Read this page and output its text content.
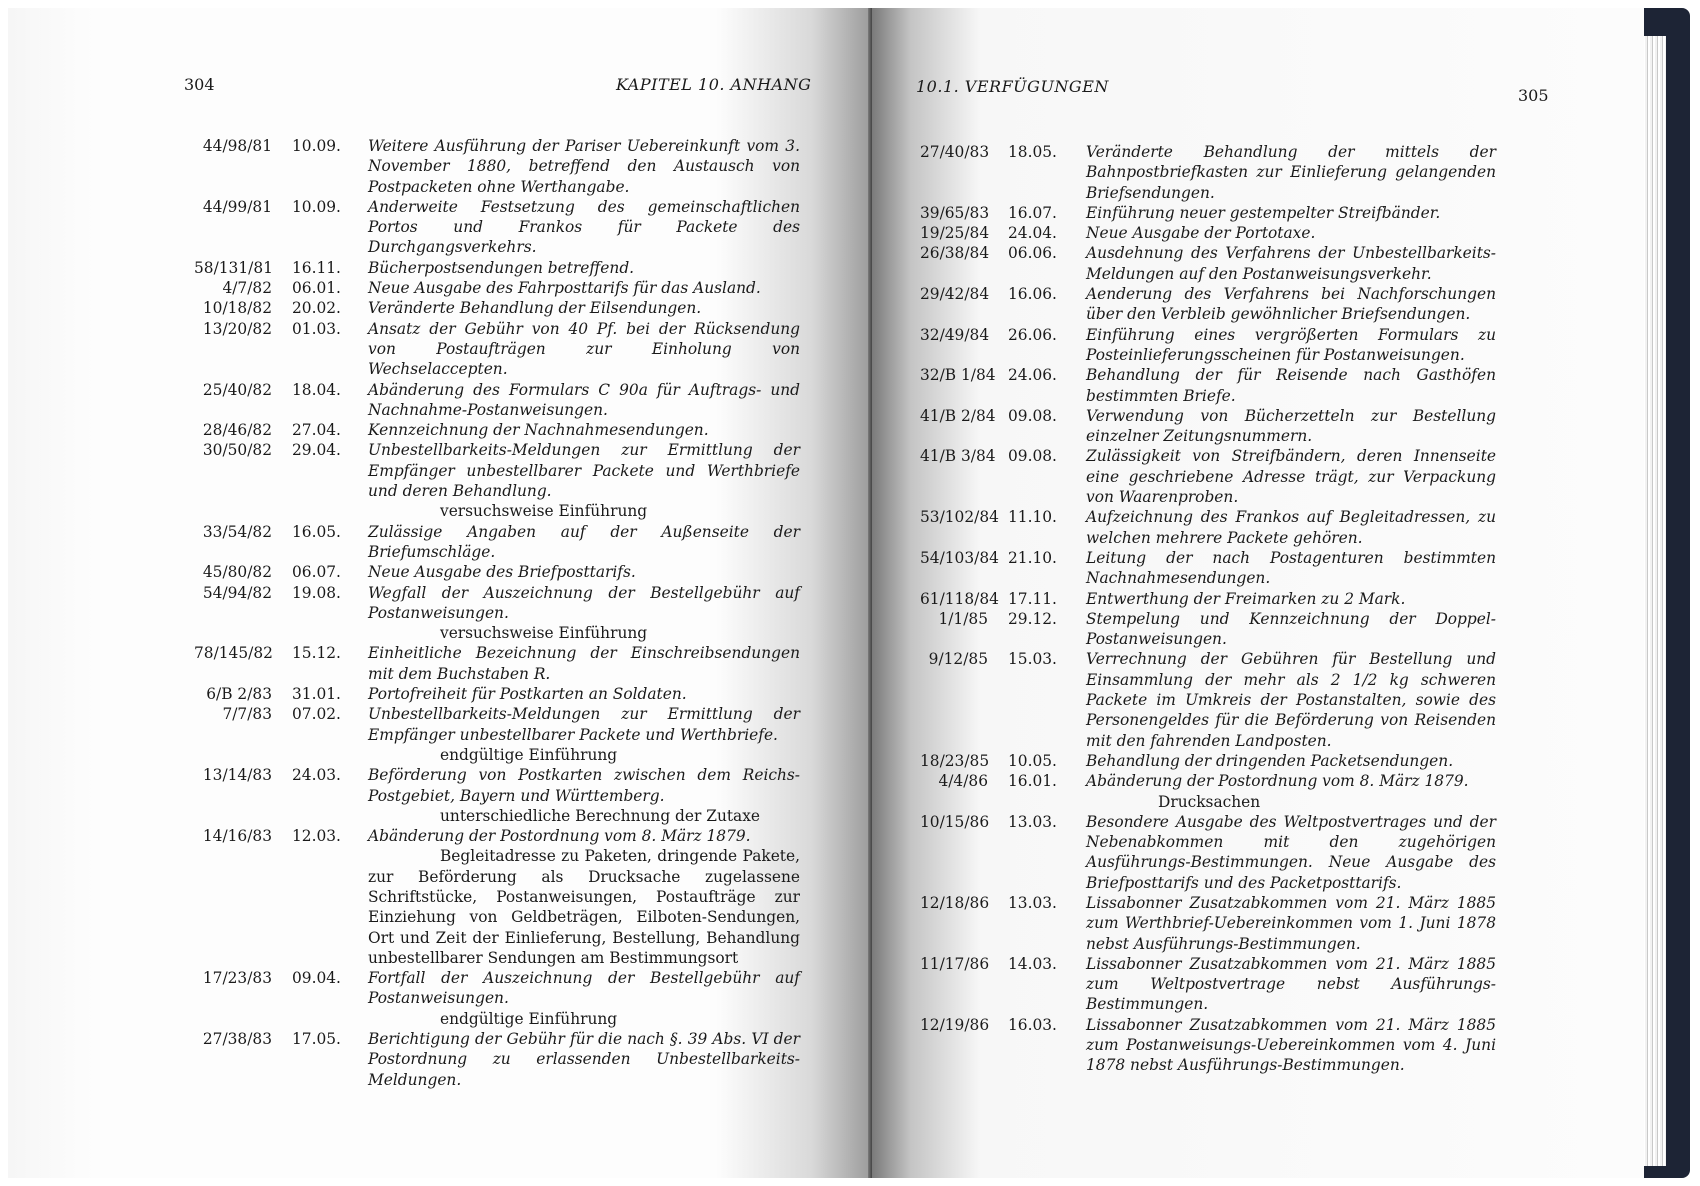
304	KAPITEL 10. ANHANG
44/98/81	10.09.	Weitere Ausführung der Pariser Uebereinkunft vom 3. November 1880, betreffend den Austausch von Postpacketen ohne Werthangabe.
44/99/81	10.09.	Anderweite Festsetzung des gemeinschaftlichen Portos und Frankos für Packete des Durchgangsverkehrs.
58/131/81	16.11.	Bücherpostsendungen betreffend.
4/7/82	06.01.	Neue Ausgabe des Fahrposttarifs für das Ausland.
10/18/82	20.02.	Veränderte Behandlung der Eilsendungen.
13/20/82	01.03.	Ansatz der Gebühr von 40 Pf. bei der Rücksendung von Postaufträgen zur Einholung von Wechselaccepten.
25/40/82	18.04.	Abänderung des Formulars C 90a für Auftrags- und Nachnahme-Postanweisungen.
28/46/82	27.04.	Kennzeichnung der Nachnahmesendungen.
30/50/82	29.04.	Unbestellbarkeits-Meldungen zur Ermittlung der Empfänger unbestellbarer Packete und Werthbriefe und deren Behandlung.
versuchsweise Einführung
33/54/82	16.05.	Zulässige Angaben auf der Außenseite der Briefumschläge.
45/80/82	06.07.	Neue Ausgabe des Briefposttarifs.
54/94/82	19.08.	Wegfall der Auszeichnung der Bestellgebühr auf Postanweisungen.
versuchsweise Einführung
78/145/82	15.12.	Einheitliche Bezeichnung der Einschreibsendungen mit dem Buchstaben R.
6/B 2/83	31.01.	Portofreiheit für Postkarten an Soldaten.
7/7/83	07.02.	Unbestellbarkeits-Meldungen zur Ermittlung der Empfänger unbestellbarer Packete und Werthbriefe.
endgültige Einführung
13/14/83	24.03.	Beförderung von Postkarten zwischen dem Reichs-Postgebiet, Bayern und Württemberg.
unterschiedliche Berechnung der Zutaxe
14/16/83	12.03.	Abänderung der Postordnung vom 8. März 1879.
Begleitadresse zu Paketen, dringende Pakete, zur Beförderung als Drucksache zugelassene Schriftstücke, Postanweisungen, Postaufträge zur Einziehung von Geldbeträgen, Eilboten-Sendungen, Ort und Zeit der Einlieferung, Bestellung, Behandlung unbestellbarer Sendungen am Bestimmungsort
17/23/83	09.04.	Fortfall der Auszeichnung der Bestellgebühr auf Postanweisungen.
endgültige Einführung
27/38/83	17.05.	Berichtigung der Gebühr für die nach §. 39 Abs. VI der Postordnung zu erlassenden Unbestellbarkeits-Meldungen.
10.1. VERFÜGUNGEN	305
27/40/83	18.05.	Veränderte Behandlung der mittels der Bahnpostbriefkasten zur Einlieferung gelangenden Briefsendungen.
39/65/83	16.07.	Einführung neuer gestempelter Streifbänder.
19/25/84	24.04.	Neue Ausgabe der Portotaxe.
26/38/84	06.06.	Ausdehnung des Verfahrens der Unbestellbarkeits-Meldungen auf den Postanweisungsverkehr.
29/42/84	16.06.	Aenderung des Verfahrens bei Nachforschungen über den Verbleib gewöhnlicher Briefsendungen.
32/49/84	26.06.	Einführung eines vergrößerten Formulars zu Posteinlieferungsscheinen für Postanweisungen.
32/B 1/84 24.06.	Behandlung der für Reisende nach Gasthöfen bestimmten Briefe.
41/B 2/84 09.08.	Verwendung von Bücherzetteln zur Bestellung einzelner Zeitungsnummern.
41/B 3/84 09.08.	Zulässigkeit von Streifbändern, deren Innenseite eine geschriebene Adresse trägt, zur Verpackung von Waarenproben.
53/102/84 11.10.	Aufzeichnung des Frankos auf Begleitadressen, zu welchen mehrere Packete gehören.
54/103/84 21.10.	Leitung der nach Postagenturen bestimmten Nachnahmesendungen.
61/118/84 17.11.	Entwerthung der Freimarken zu 2 Mark.
1/1/85	29.12.	Stempelung und Kennzeichnung der Doppel-Postanweisungen.
9/12/85	15.03.	Verrechnung der Gebühren für Bestellung und Einsammlung der mehr als 2 1/2 kg schweren Packete im Umkreis der Postanstalten, sowie des Personengeldes für die Beförderung von Reisenden mit den fahrenden Landposten.
18/23/85	10.05.	Behandlung der dringenden Packetsendungen.
4/4/86	16.01.	Abänderung der Postordnung vom 8. März 1879.
Drucksachen
10/15/86	13.03.	Besondere Ausgabe des Weltpostvertrages und der Nebenabkommen mit den zugehörigen Ausführungs-Bestimmungen. Neue Ausgabe des Briefposttarifs und des Packetposttarifs.
12/18/86	13.03.	Lissabonner Zusatzabkommen vom 21. März 1885 zum Werthbrief-Uebereinkommen vom 1. Juni 1878 nebst Ausführungs-Bestimmungen.
11/17/86	14.03.	Lissabonner Zusatzabkommen vom 21. März 1885 zum Weltpostvertrage nebst Ausführungs-Bestimmungen.
12/19/86	16.03.	Lissabonner Zusatzabkommen vom 21. März 1885 zum Postanweisungs-Uebereinkommen vom 4. Juni 1878 nebst Ausführungs-Bestimmungen.
